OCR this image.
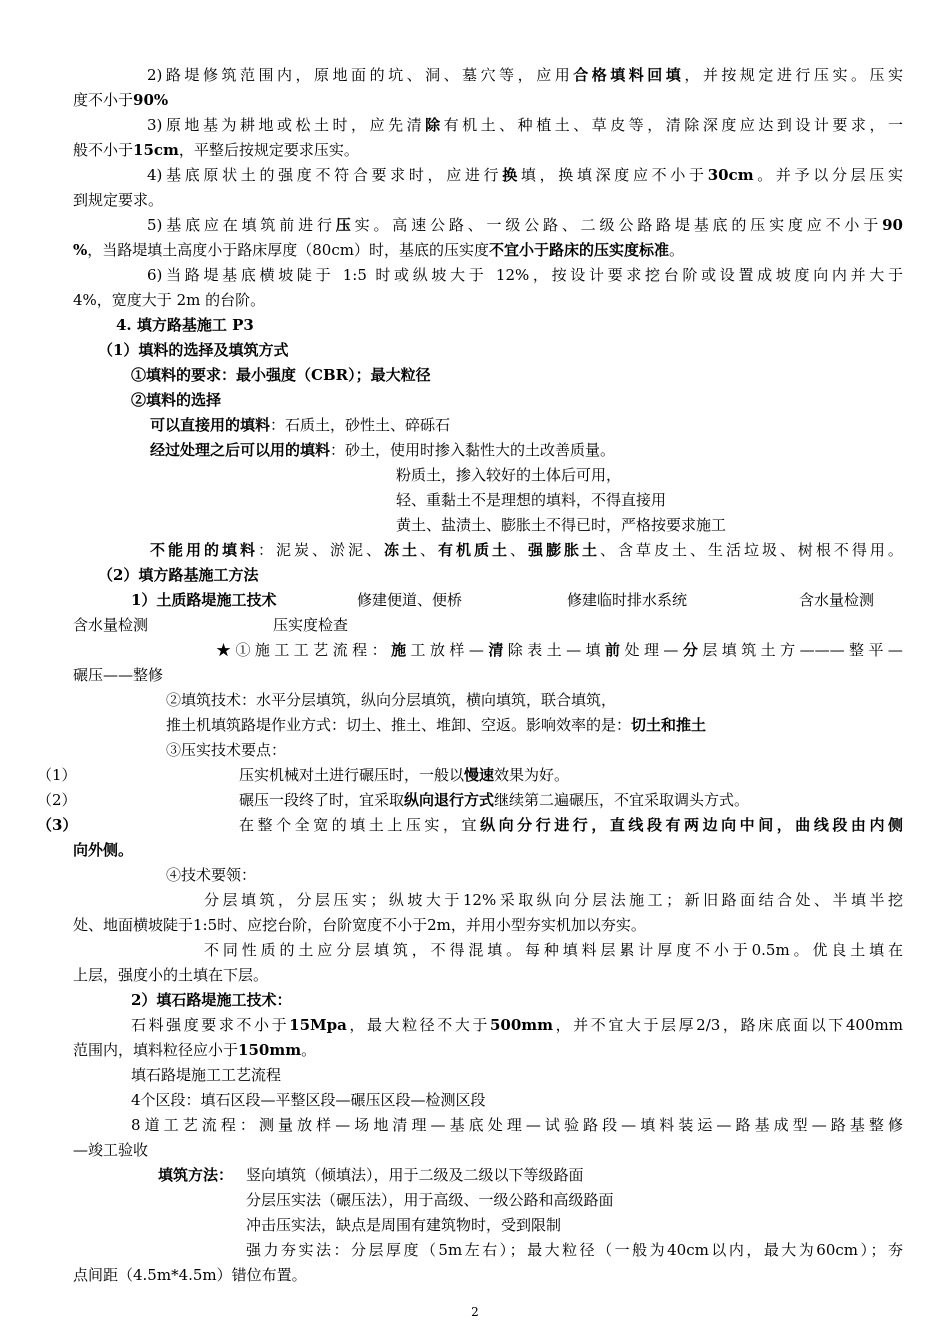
2)路堤修筑范围内，原地面的坑、洞、墓穴等，应用合格填料回填，并按规定进行压实。压实
度不小于90%
3)原地基为耕地或松土时，应先清除有机土、种植土、草皮等，清除深度应达到设计要求，一
般不小于15cm，平整后按规定要求压实。
4)基底原状土的强度不符合要求时，应进行换填，换填深度应不小于30cm。并予以分层压实
到规定要求。
5)基底应在填筑前进行压实。高速公路、一级公路、二级公路路堤基底的压实度应不小于90
%，当路堤填土高度小于路床厚度（80cm）时，基底的压实度不宜小于路床的压实度标准。
6)当路堤基底横坡陡于 1:5 时或纵坡大于 12%，按设计要求挖台阶或设置成坡度向内并大于
4%，宽度大于 2m 的台阶。
4. 填方路基施工 P3
（1）填料的选择及填筑方式
①填料的要求：最小强度（CBR）；最大粒径
②填料的选择
可以直接用的填料：石质土，砂性土、碎砾石
经过处理之后可以用的填料：砂土，使用时掺入黏性大的土改善质量。
粉质土，掺入较好的土体后可用，
轻、重黏土不是理想的填料，不得直接用
黄土、盐渍土、膨胀土不得已时，严格按要求施工
不能用的填料：泥炭、淤泥、冻土、有机质土、强膨胀土、含草皮土、生活垃圾、树根不得用。
（2）填方路基施工方法
1）土质路堤施工技术	修建便道、便桥	修建临时排水系统	含水量检测
含水量检测	压实度检查
★①施工工艺流程：施工放样—清除表土—填前处理—分层填筑土方———整平—
碾压——整修
②填筑技术：水平分层填筑，纵向分层填筑，横向填筑，联合填筑，
推土机填筑路堤作业方式：切土、推土、堆卸、空返。影响效率的是：切土和推土
③压实技术要点：
（1）	压实机械对土进行碾压时，一般以慢速效果为好。
（2）	碾压一段终了时，宜采取纵向退行方式继续第二遍碾压，不宜采取调头方式。
（3）	在整个全宽的填土上压实，宜纵向分行进行，直线段有两边向中间，曲线段由内侧
向外侧。
④技术要领：
分层填筑，分层压实；纵坡大于12%采取纵向分层法施工；新旧路面结合处、半填半挖
处、地面横坡陡于1:5时、应挖台阶，台阶宽度不小于2m，并用小型夯实机加以夯实。
不同性质的土应分层填筑，不得混填。每种填料层累计厚度不小于0.5m。优良土填在
上层，强度小的土填在下层。
2）填石路堤施工技术：
石料强度要求不小于15Mpa，最大粒径不大于500mm，并不宜大于层厚2/3，路床底面以下400mm
范围内，填料粒径应小于150mm。
填石路堤施工工艺流程
4个区段：填石区段—平整区段—碾压区段—检测区段
8道工艺流程：测量放样—场地清理—基底处理—试验路段—填料装运—路基成型—路基整修
—竣工验收
填筑方法： 竖向填筑（倾填法），用于二级及二级以下等级路面
分层压实法（碾压法），用于高级、一级公路和高级路面
冲击压实法，缺点是周围有建筑物时，受到限制
强力夯实法：分层厚度（5m左右）；最大粒径（一般为40cm以内，最大为60cm）；夯
点间距（4.5m*4.5m）错位布置。
2
